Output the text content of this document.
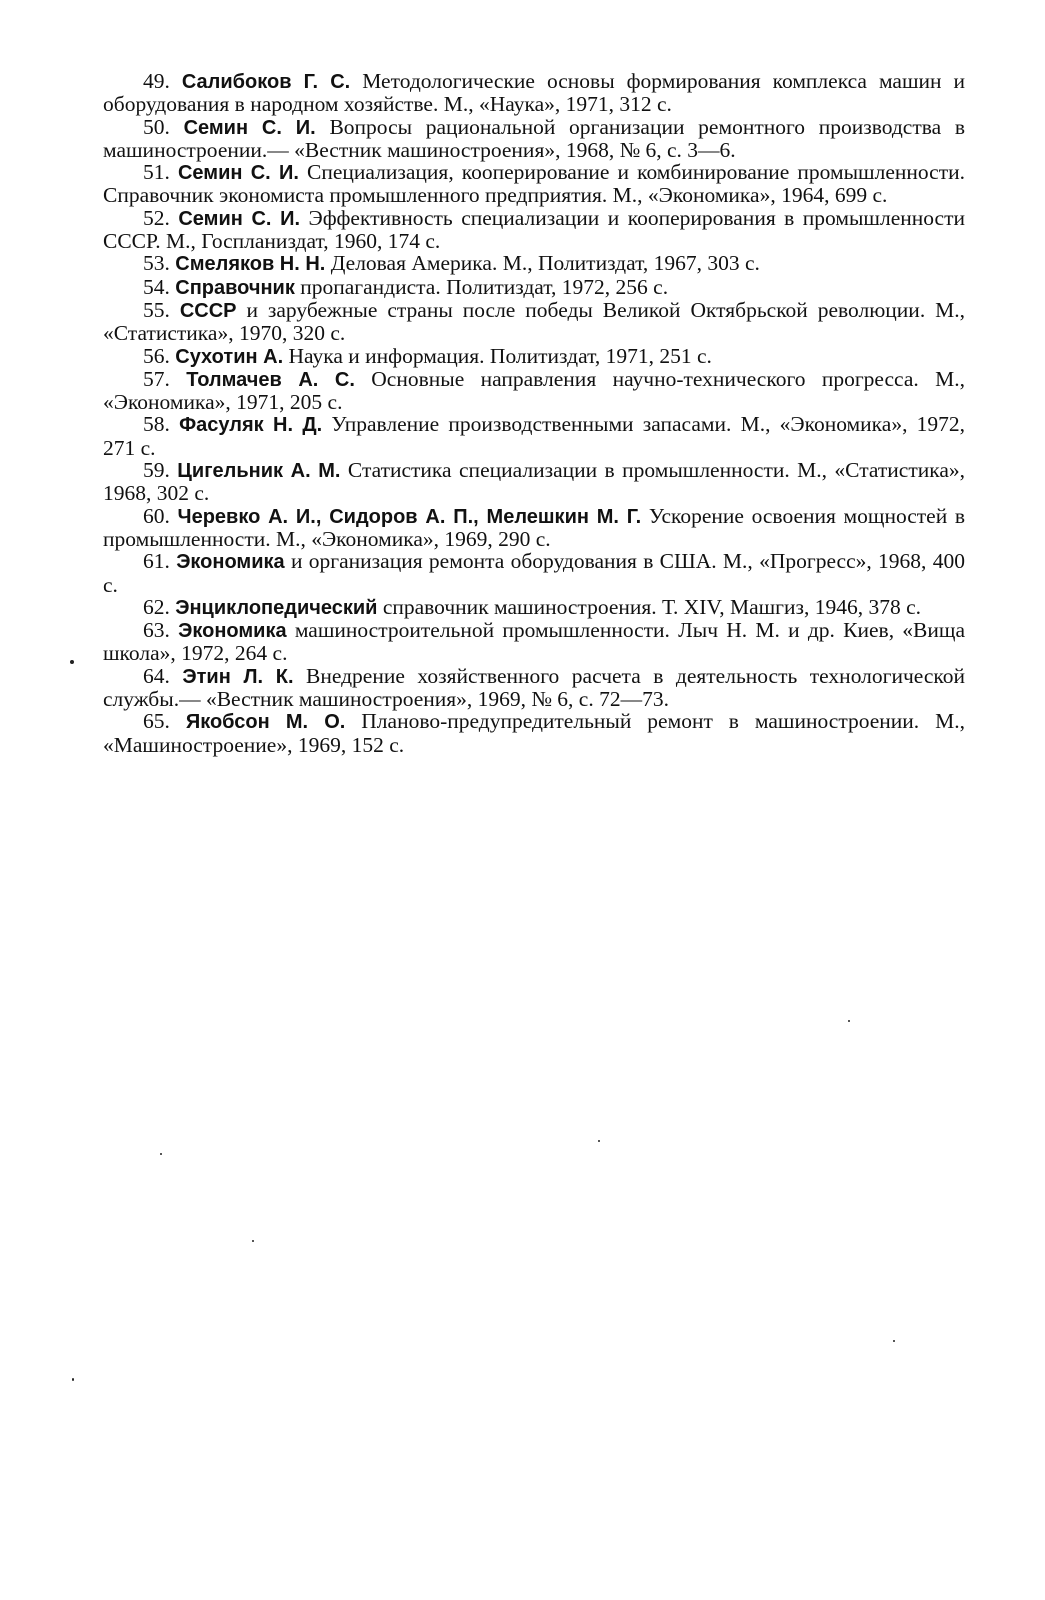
49. Салибоков Г. С. Методологические основы формирования комплекса машин и оборудования в народном хозяйстве. М., «Наука», 1971, 312 с.

50. Семин С. И. Вопросы рациональной организации ремонтного производства в машиностроении.— «Вестник машиностроения», 1968, № 6, с. 3—6.

51. Семин С. И. Специализация, кооперирование и комбинирование промышленности. Справочник экономиста промышленного предприятия. М., «Экономика», 1964, 699 с.

52. Семин С. И. Эффективность специализации и кооперирования в промышленности СССР. М., Госпланиздат, 1960, 174 с.

53. Смеляков Н. Н. Деловая Америка. М., Политиздат, 1967, 303 с.

54. Справочник пропагандиста. Политиздат, 1972, 256 с.

55. СССР и зарубежные страны после победы Великой Октябрьской революции. М., «Статистика», 1970, 320 с.

56. Сухотин А. Наука и информация. Политиздат, 1971, 251 с.

57. Толмачев А. С. Основные направления научно-технического прогресса. М., «Экономика», 1971, 205 с.

58. Фасуляк Н. Д. Управление производственными запасами. М., «Экономика», 1972, 271 с.

59. Цигельник А. М. Статистика специализации в промышленности. М., «Статистика», 1968, 302 с.

60. Черевко А. И., Сидоров А. П., Мелешкин М. Г. Ускорение освоения мощностей в промышленности. М., «Экономика», 1969, 290 с.

61. Экономика и организация ремонта оборудования в США. М., «Прогресс», 1968, 400 с.

62. Энциклопедический справочник машиностроения. Т. XIV, Машгиз, 1946, 378 с.

63. Экономика машиностроительной промышленности. Лыч Н. М. и др. Киев, «Вища школа», 1972, 264 с.

64. Этин Л. К. Внедрение хозяйственного расчета в деятельность технологической службы.— «Вестник машиностроения», 1969, № 6, с. 72—73.

65. Якобсон М. О. Планово-предупредительный ремонт в машиностроении. М., «Машиностроение», 1969, 152 с.
